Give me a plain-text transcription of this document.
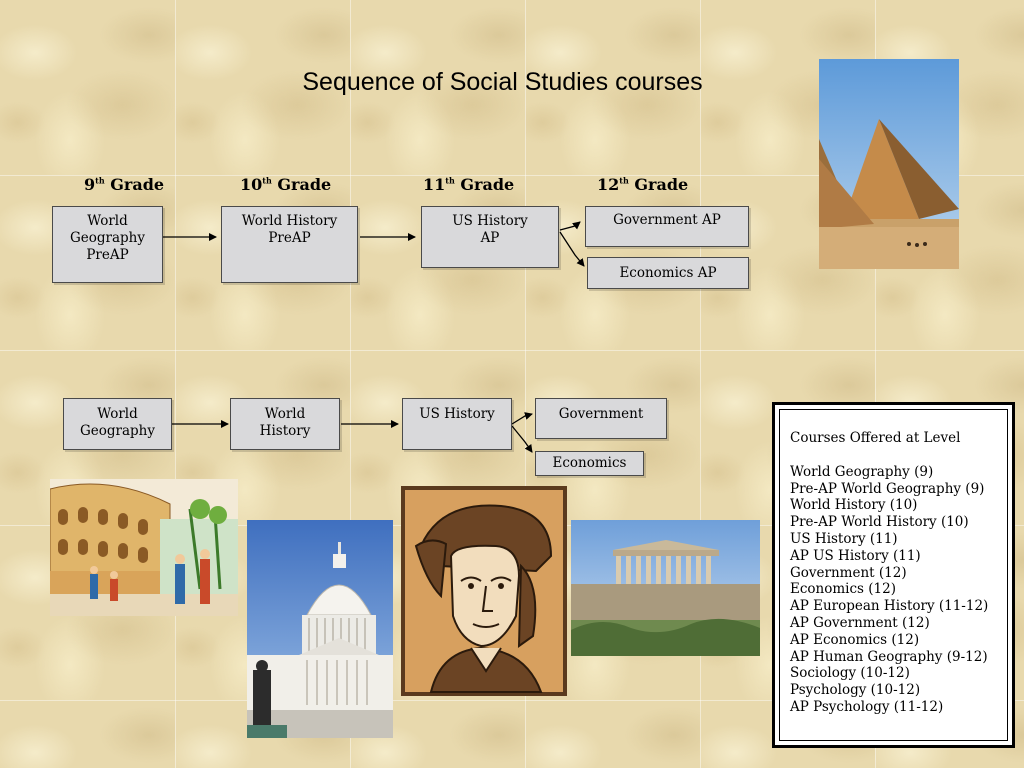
Sequence of Social Studies courses
9th Grade	10th Grade	11th Grade	12th Grade
World
Geography
PreAP
World History
PreAP
US History
AP
Government AP
Economics AP
World
Geography
World
History
US History	Government
Economics
Courses Offered at Level
World Geography (9)
Pre-AP World Geography (9)
World History (10)
Pre-AP World History (10)
US History (11)
AP US History (11)
Government (12)
Economics (12)
AP European History (11-12)
AP Government (12)
AP Economics (12)
AP Human Geography (9-12)
Sociology (10-12)
Psychology (10-12)
AP Psychology (11-12)
